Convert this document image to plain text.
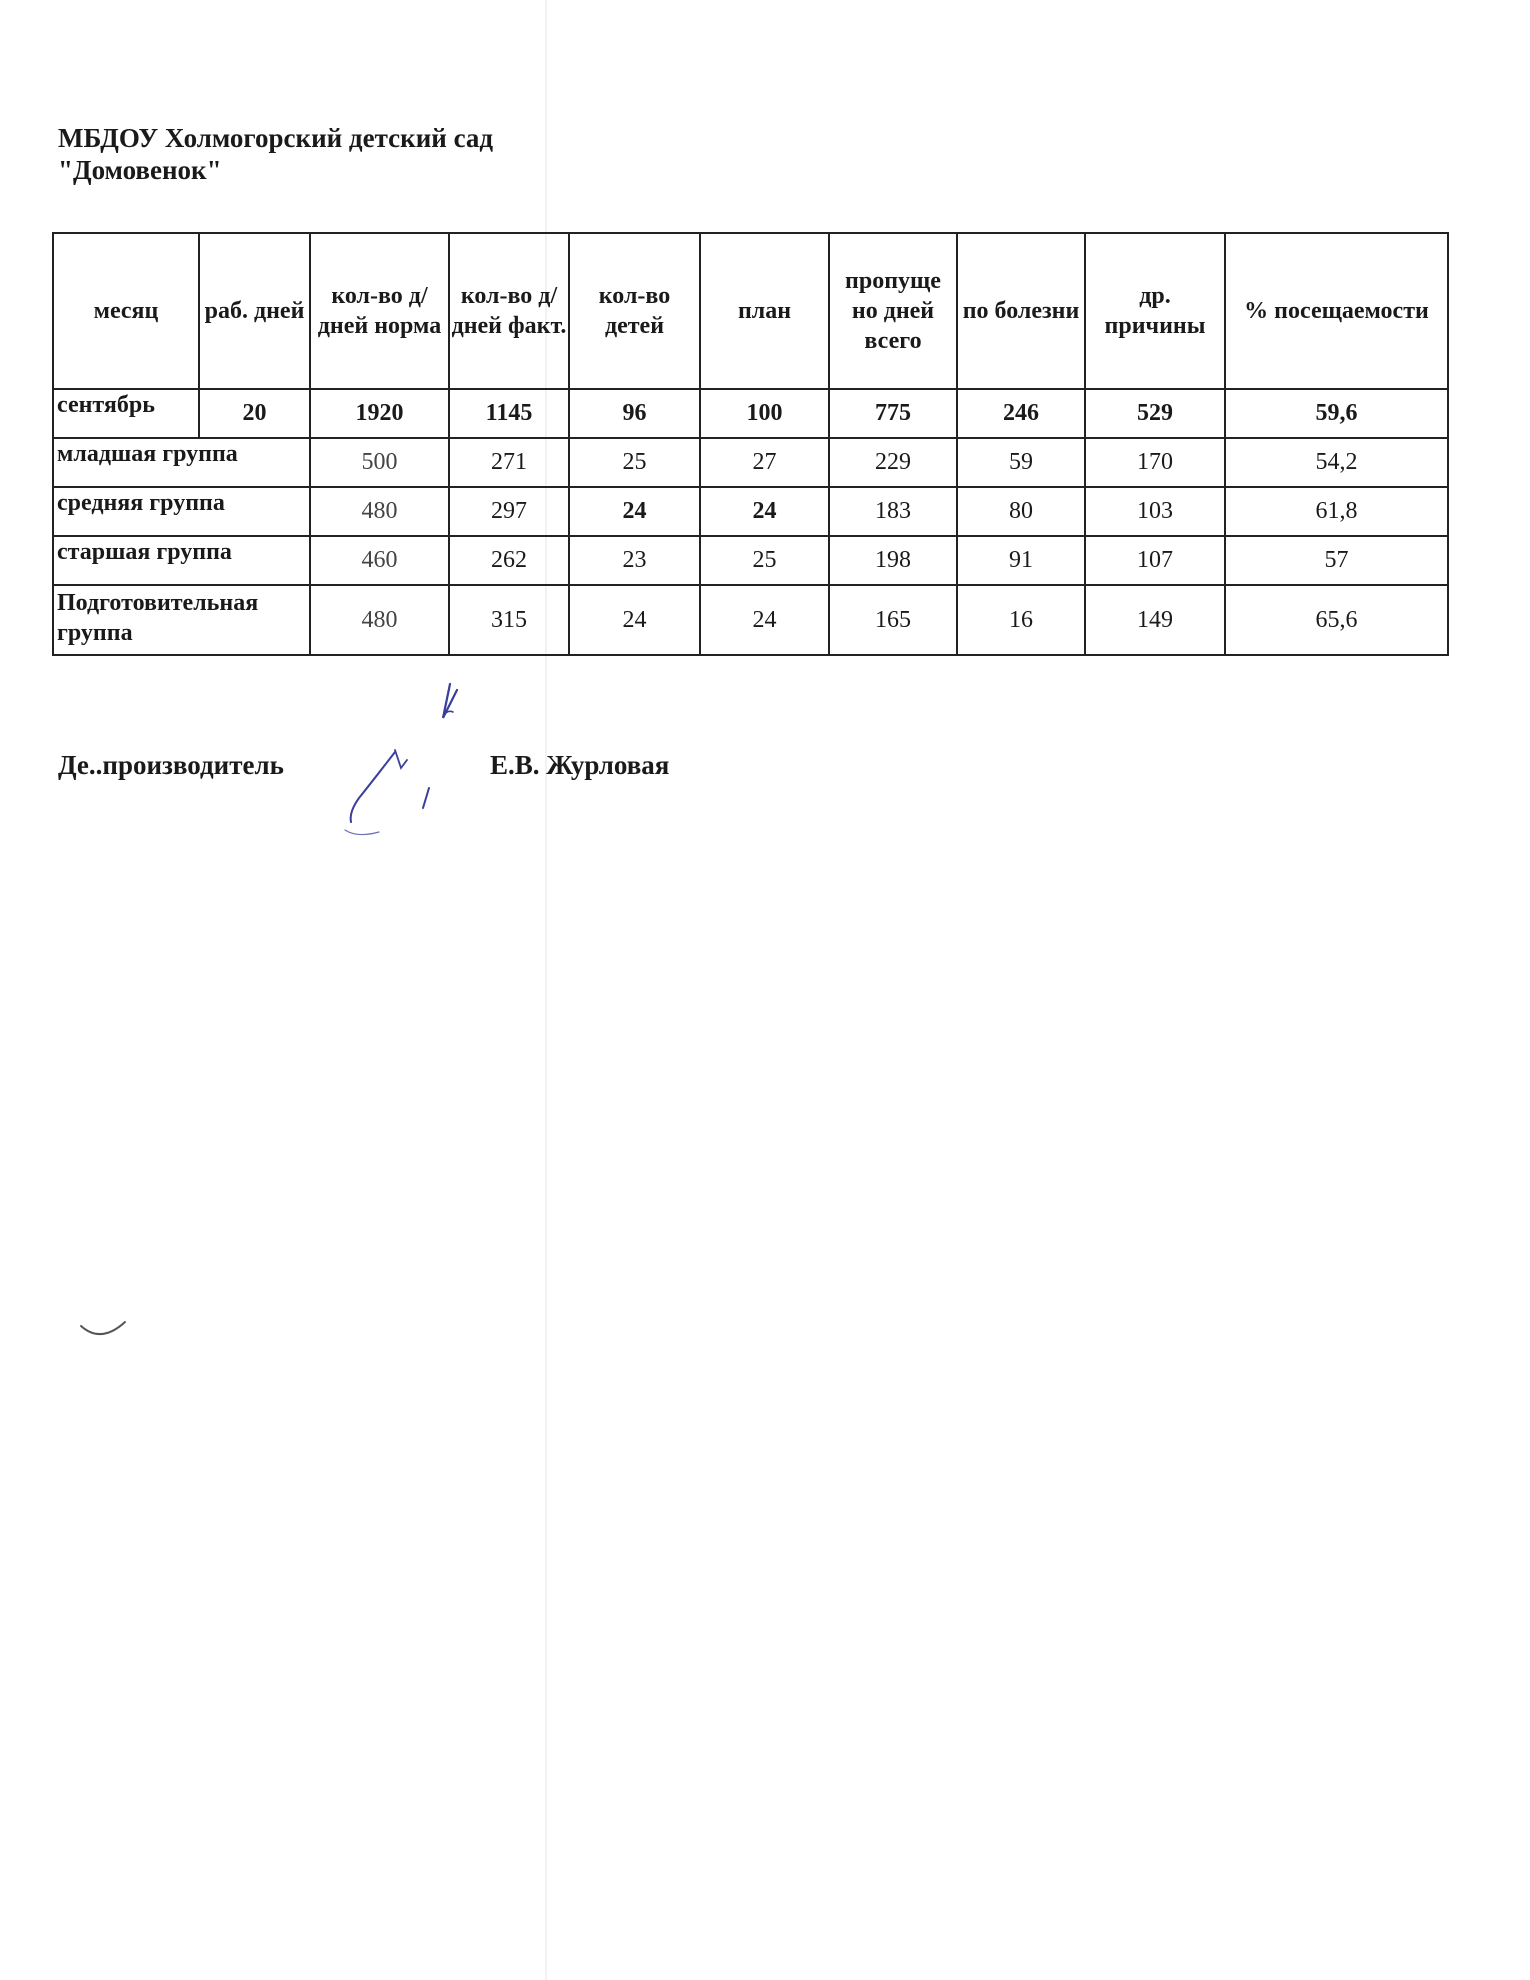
МБДОУ Холмогорский детский сад
"Домовенок"
месяц	раб. дней	кол-во д/дней норма	кол-во д/дней факт.	кол-во детей	план	пропуще но дней всего	по болезни	др. причины	% посещаемости
сентябрь	20	1920	1145	96	100	775	246	529	59,6
младшая группа		500	271	25	27	229	59	170	54,2
средняя группа		480	297	24	24	183	80	103	61,8
старшая группа		460	262	23	25	198	91	107	57
Подготовительная группа		480	315	24	24	165	16	149	65,6
Де..производитель	Е.В. Журловая
